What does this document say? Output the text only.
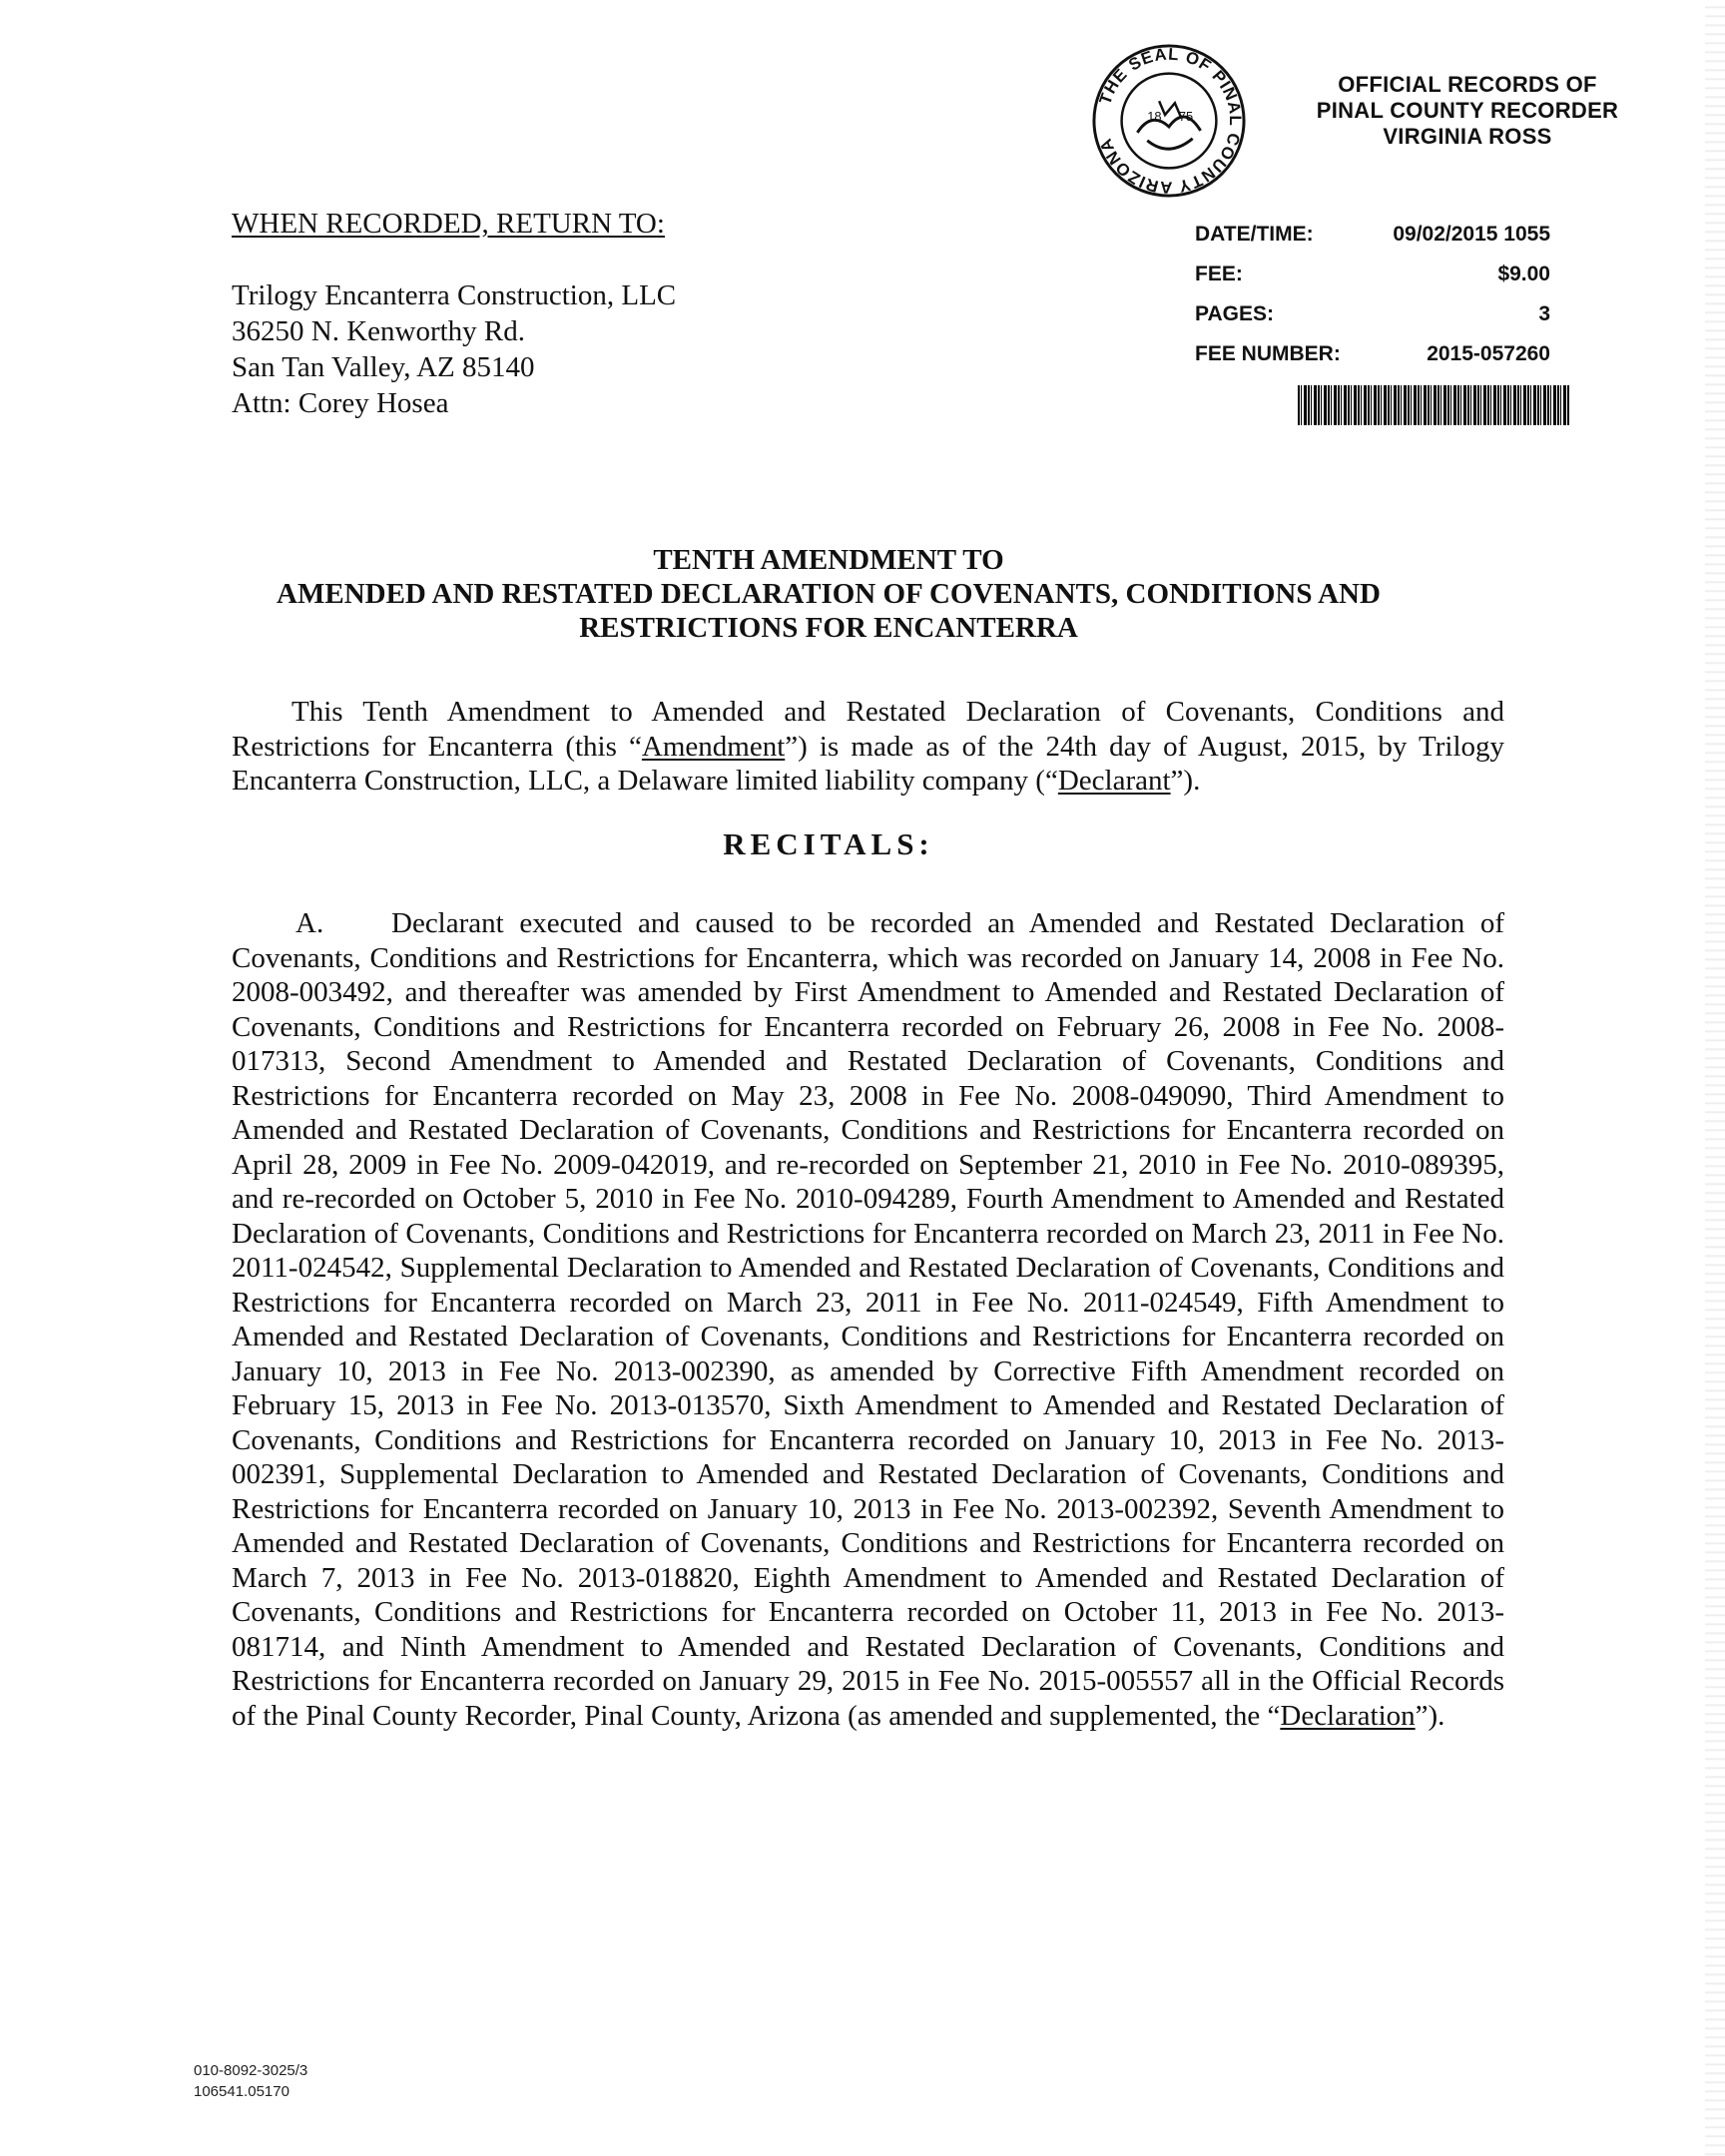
THE SEAL OF PINAL COUNTY ARIZONA
18 75
OFFICIAL RECORDS OF
PINAL COUNTY RECORDER
VIRGINIA ROSS
DATE/TIME:	09/02/2015 1055
FEE:	$9.00
PAGES:	3
FEE NUMBER:	2015-057260
WHEN RECORDED, RETURN TO:
Trilogy Encanterra Construction, LLC
36250 N. Kenworthy Rd.
San Tan Valley, AZ 85140
Attn: Corey Hosea
TENTH AMENDMENT TO
AMENDED AND RESTATED DECLARATION OF COVENANTS, CONDITIONS AND
RESTRICTIONS FOR ENCANTERRA
This Tenth Amendment to Amended and Restated Declaration of Covenants, Conditions and Restrictions for Encanterra (this “Amendment”) is made as of the 24th day of August, 2015, by Trilogy Encanterra Construction, LLC, a Delaware limited liability company (“Declarant”).
RECITALS:
A. Declarant executed and caused to be recorded an Amended and Restated Declaration of Covenants, Conditions and Restrictions for Encanterra, which was recorded on January 14, 2008 in Fee No. 2008-003492, and thereafter was amended by First Amendment to Amended and Restated Declaration of Covenants, Conditions and Restrictions for Encanterra recorded on February 26, 2008 in Fee No. 2008-017313, Second Amendment to Amended and Restated Declaration of Covenants, Conditions and Restrictions for Encanterra recorded on May 23, 2008 in Fee No. 2008-049090, Third Amendment to Amended and Restated Declaration of Covenants, Conditions and Restrictions for Encanterra recorded on April 28, 2009 in Fee No. 2009-042019, and re-recorded on September 21, 2010 in Fee No. 2010-089395, and re-recorded on October 5, 2010 in Fee No. 2010-094289, Fourth Amendment to Amended and Restated Declaration of Covenants, Conditions and Restrictions for Encanterra recorded on March 23, 2011 in Fee No. 2011-024542, Supplemental Declaration to Amended and Restated Declaration of Covenants, Conditions and Restrictions for Encanterra recorded on March 23, 2011 in Fee No. 2011-024549, Fifth Amendment to Amended and Restated Declaration of Covenants, Conditions and Restrictions for Encanterra recorded on January 10, 2013 in Fee No. 2013-002390, as amended by Corrective Fifth Amendment recorded on February 15, 2013 in Fee No. 2013-013570, Sixth Amendment to Amended and Restated Declaration of Covenants, Conditions and Restrictions for Encanterra recorded on January 10, 2013 in Fee No. 2013-002391, Supplemental Declaration to Amended and Restated Declaration of Covenants, Conditions and Restrictions for Encanterra recorded on January 10, 2013 in Fee No. 2013-002392, Seventh Amendment to Amended and Restated Declaration of Covenants, Conditions and Restrictions for Encanterra recorded on March 7, 2013 in Fee No. 2013-018820, Eighth Amendment to Amended and Restated Declaration of Covenants, Conditions and Restrictions for Encanterra recorded on October 11, 2013 in Fee No. 2013-081714, and Ninth Amendment to Amended and Restated Declaration of Covenants, Conditions and Restrictions for Encanterra recorded on January 29, 2015 in Fee No. 2015-005557 all in the Official Records of the Pinal County Recorder, Pinal County, Arizona (as amended and supplemented, the “Declaration”).
010-8092-3025/3
106541.05170
